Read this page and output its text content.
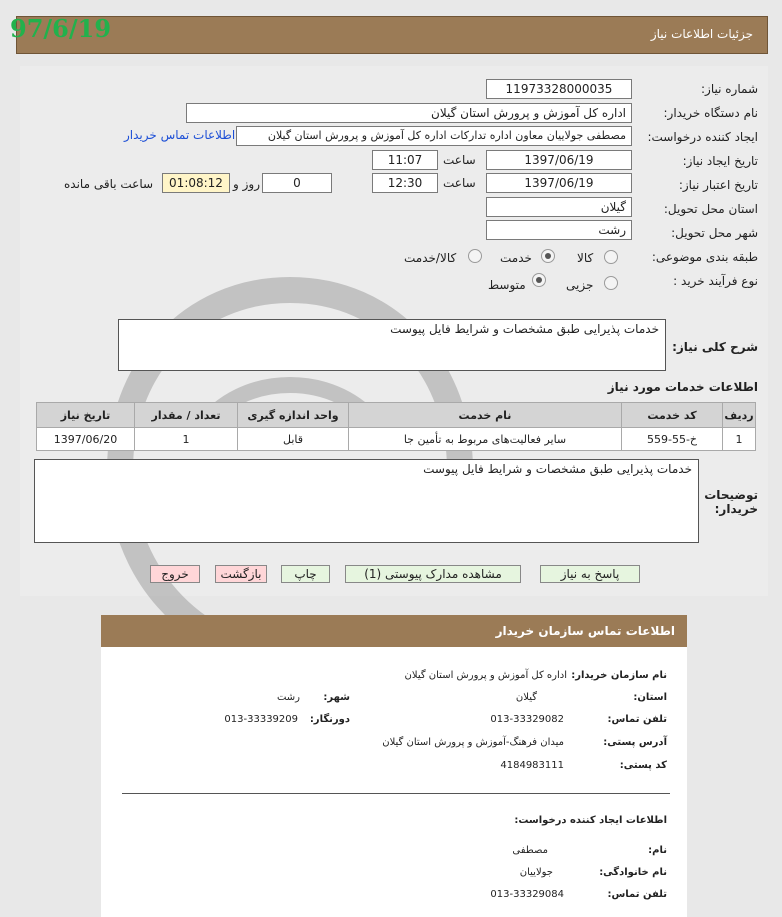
جزئیات اطلاعات نیاز
97/6/19
شماره نیاز:
11973328000035
نام دستگاه خریدار:
اداره کل آموزش و پرورش استان گیلان
ایجاد کننده درخواست:
مصطفی جولاییان معاون اداره تدارکات اداره کل آموزش و پرورش استان گیلان
اطلاعات تماس خریدار
تاریخ ایجاد نیاز:
1397/06/19
ساعت
11:07
تاریخ اعتبار نیاز:
1397/06/19
ساعت
12:30
0
روز و
01:08:12
ساعت باقی مانده
استان محل تحویل:
گیلان
شهر محل تحویل:
رشت
طبقه بندی موضوعی:
کالا
خدمت
کالا/خدمت
نوع فرآیند خرید :
جزیی
متوسط
شرح کلی نیاز:
خدمات پذیرایی طبق مشخصات و شرایط فایل پیوست
اطلاعات خدمات مورد نیاز
ردیف	کد خدمت	نام خدمت	واحد اندازه گیری	تعداد / مقدار	تاریخ نیاز
1	خ-55-559	سایر فعالیت‌های مربوط به تأمین جا	قابل	1	1397/06/20
توضیحات خریدار:
خدمات پذیرایی طبق مشخصات و شرایط فایل پیوست
پاسخ به نیاز
مشاهده مدارک پیوستی (1)
چاپ
بازگشت
خروج
اطلاعات تماس سازمان خریدار
نام سازمان خریدار:
اداره کل آموزش و پرورش استان گیلان
استان:
گیلان
شهر:
رشت
تلفن تماس:
013-33329082
دورنگار:
013-33339209
آدرس پستی:
میدان فرهنگ-آموزش و پرورش استان گیلان
کد پستی:
4184983111
اطلاعات ایجاد کننده درخواست:
نام:
مصطفی
نام خانوادگی:
جولاییان
تلفن تماس:
013-33329084
